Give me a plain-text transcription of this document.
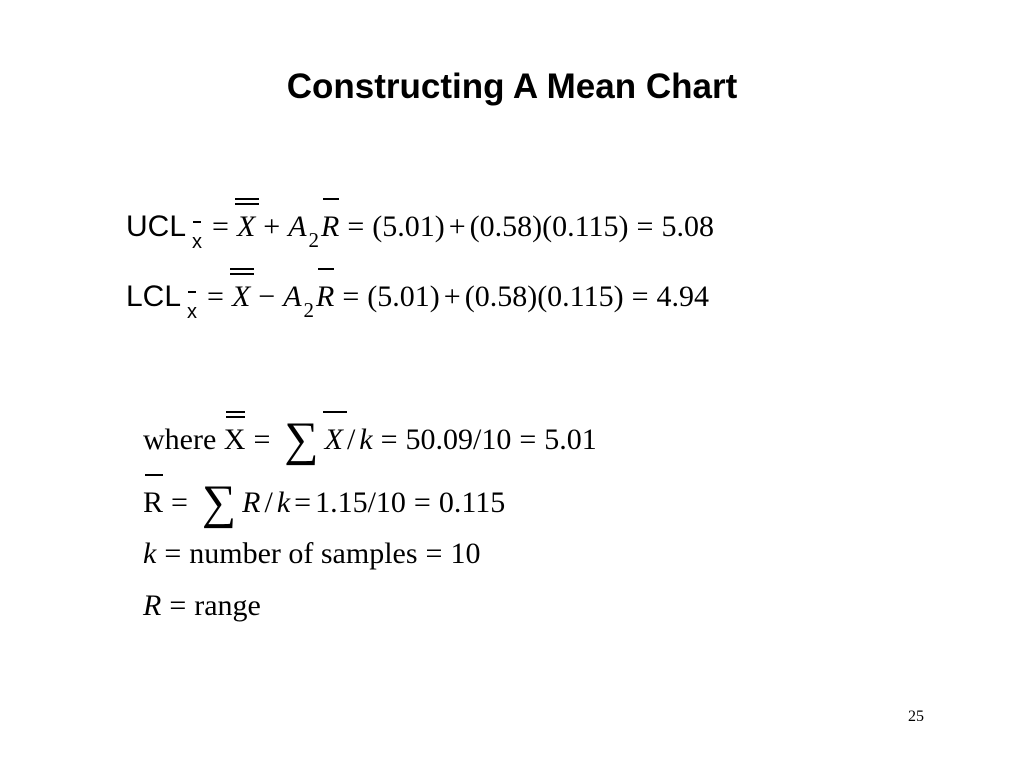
Constructing A Mean Chart
UCL x = X + A2
R = (5.01) + (0.58)(0.115) = 5.08
LCL x = X − A2
R = (5.01) + (0.58)(0.115) = 4.94
where X = ∑ X / k = 50.09/10 = 5.01
R = ∑ R / k = 1.15/10 = 0.115
k = number of samples = 10
R = range
25
